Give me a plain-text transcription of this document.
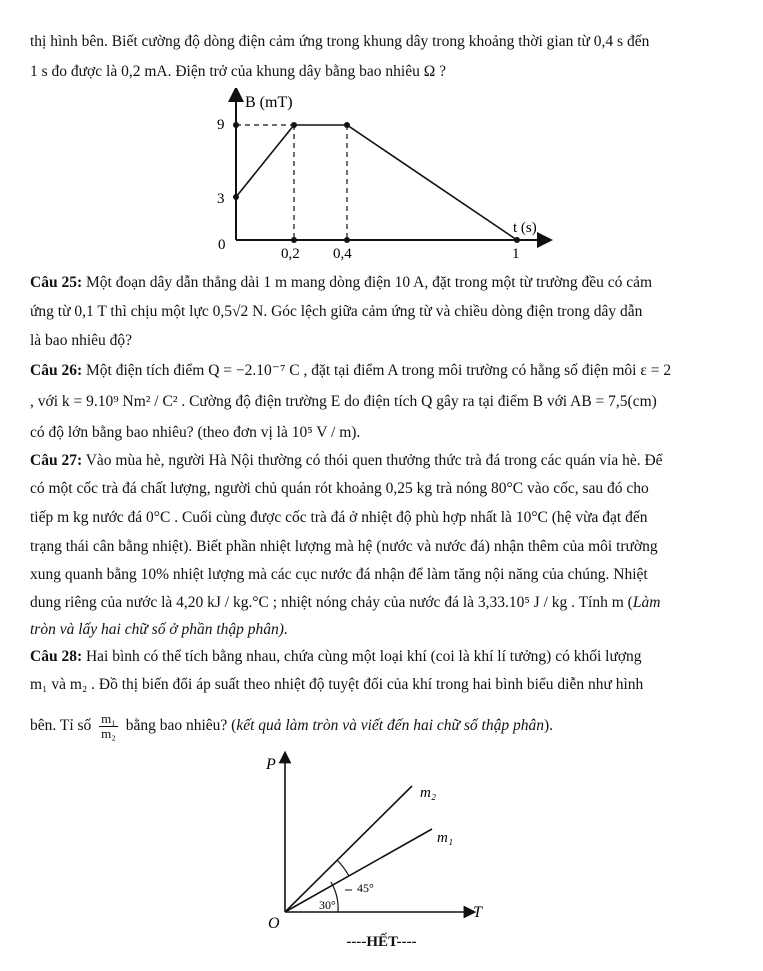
thị hình bên. Biết cường độ dòng điện cảm ứng trong khung dây trong khoảng thời gian từ 0,4 s đến
1 s đo được là 0,2 mA. Điện trở của khung dây bằng bao nhiêu Ω ?
B (mT)
t (s)
0
9
3
0,2 0,4	1
Câu 25: Một đoạn dây dẫn thẳng dài 1 m mang dòng điện 10 A, đặt trong một từ trường đều có cảm
ứng từ 0,1 T thì chịu một lực 0,5√2 N. Góc lệch giữa cảm ứng từ và chiều dòng điện trong dây dẫn
là bao nhiêu độ?
Câu 26: Một điện tích điểm Q = −2.10⁻⁷ C , đặt tại điểm A trong môi trường có hằng số điện môi ε = 2
, với k = 9.10⁹ Nm² / C² . Cường độ điện trường E do điện tích Q gây ra tại điểm B với AB = 7,5(cm)
có độ lớn bằng bao nhiêu? (theo đơn vị là 10⁵ V / m).
Câu 27: Vào mùa hè, người Hà Nội thường có thói quen thưởng thức trà đá trong các quán vỉa hè. Để
có một cốc trà đá chất lượng, người chủ quán rót khoảng 0,25 kg trà nóng 80°C vào cốc, sau đó cho
tiếp m kg nước đá 0°C . Cuối cùng được cốc trà đá ở nhiệt độ phù hợp nhất là 10°C (hệ vừa đạt đến
trạng thái cân bằng nhiệt). Biết phần nhiệt lượng mà hệ (nước và nước đá) nhận thêm của môi trường
xung quanh bằng 10% nhiệt lượng mà các cục nước đá nhận để làm tăng nội năng của chúng. Nhiệt
dung riêng của nước là 4,20 kJ / kg.°C ; nhiệt nóng chảy của nước đá là 3,33.10⁵ J / kg . Tính m (Làm
tròn và lấy hai chữ số ở phần thập phân).
Câu 28: Hai bình có thể tích bằng nhau, chứa cùng một loại khí (coi là khí lí tưởng) có khối lượng
m₁ và m₂ . Đồ thị biến đổi áp suất theo nhiệt độ tuyệt đối của khí trong hai bình biểu diễn như hình
bên. Tỉ số $\frac{\text{m₁}}{\text{m₂}}$ bằng bao nhiêu? (kết quả làm tròn và viết đến hai chữ số thập phân).
P
T
O
m₂
m₁
30°
45°
----HẾT----
